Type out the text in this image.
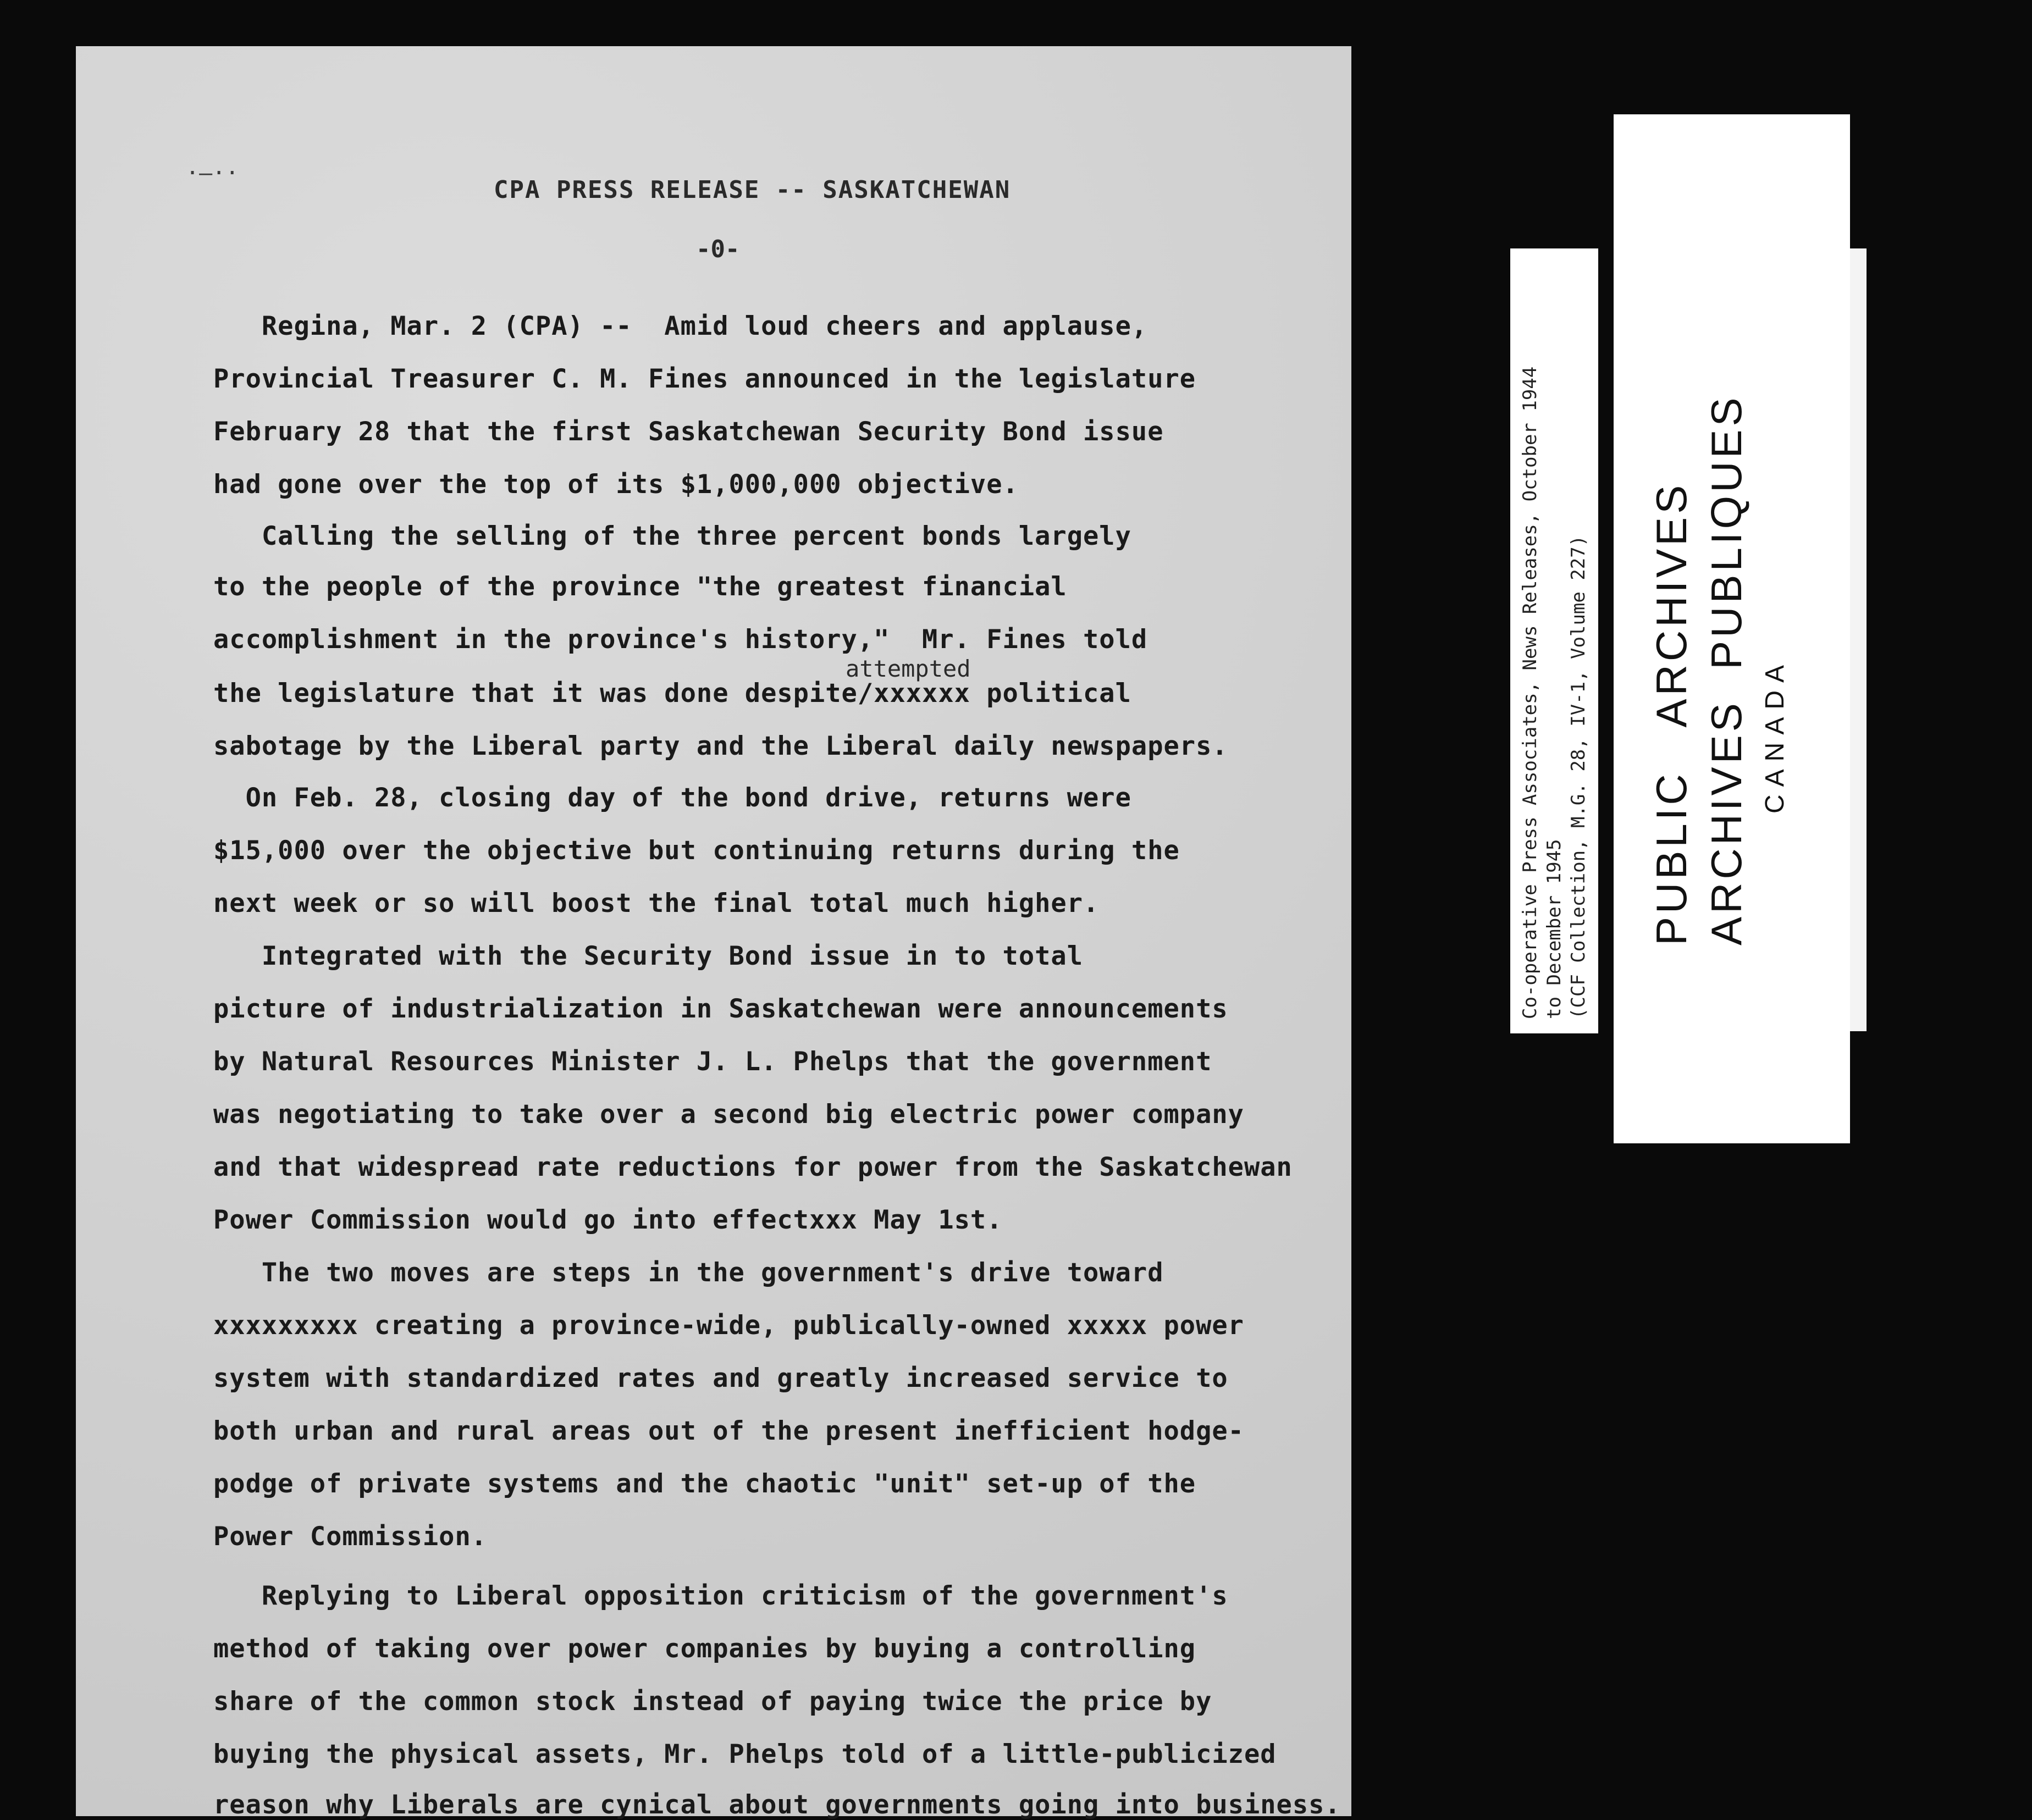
·—··
CPA PRESS RELEASE -- SASKATCHEWAN
-0-
attempted
Regina, Mar. 2 (CPA) --  Amid loud cheers and applause,
Provincial Treasurer C. M. Fines announced in the legislature
February 28 that the first Saskatchewan Security Bond issue
had gone over the top of its $1,000,000 objective.
Calling the selling of the three percent bonds largely
to the people of the province "the greatest financial
accomplishment in the province's history,"  Mr. Fines told
the legislature that it was done despite/xxxxxx political
sabotage by the Liberal party and the Liberal daily newspapers.
On Feb. 28, closing day of the bond drive, returns were
$15,000 over the objective but continuing returns during the
next week or so will boost the final total much higher.
Integrated with the Security Bond issue in to total
picture of industrialization in Saskatchewan were announcements
by Natural Resources Minister J. L. Phelps that the government
was negotiating to take over a second big electric power company
and that widespread rate reductions for power from the Saskatchewan
Power Commission would go into effectxxx May 1st.
The two moves are steps in the government's drive toward
xxxxxxxxx creating a province-wide, publically-owned xxxxx power
system with standardized rates and greatly increased service to
both urban and rural areas out of the present inefficient hodge-
podge of private systems and the chaotic "unit" set-up of the
Power Commission.
Replying to Liberal opposition criticism of the government's
method of taking over power companies by buying a controlling
share of the common stock instead of paying twice the price by
buying the physical assets, Mr. Phelps told of a little-publicized
reason why Liberals are cynical about governments going into business.
Co-operative Press Associates, News Releases, October 1944 to December 1945 (CCF Collection, M.G. 28, IV-1, Volume 227) PUBLIC   ARCHIVES ARCHIVES  PUBLIQUES CANADA
